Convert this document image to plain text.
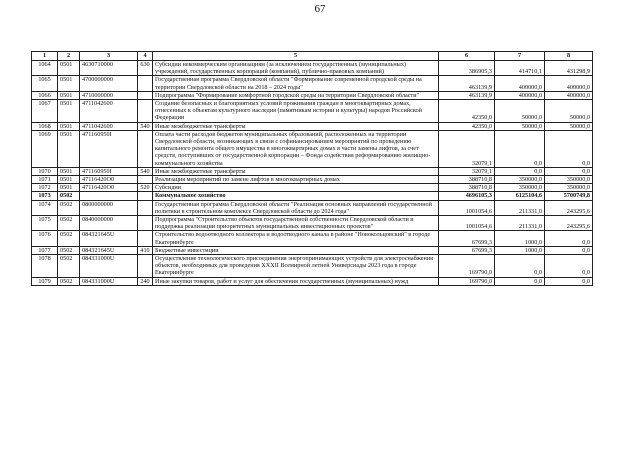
67
1	2	3	4	5	6	7	8
1064	0501	4630710000	630	Субсидии некоммерческим организациям (за исключением государственных (муниципальных) учреждений, государственных корпораций (компаний), публично-правовых компаний)	386905,3	414710,1	431298,9
1065	0501	4700000000		Государственная программа Свердловской области "Формирование современной городской среды на территории Свердловской области на 2018 – 2024 годы"	463139,9	400000,0	400000,0
1066	0501	4710000000		Подпрограмма "Формирование комфортной городской среды на территории Свердловской области"	463139,9	400000,0	400000,0
1067	0501	4711042600		Создание безопасных и благоприятных условий проживания граждан в многоквартирных домах, отнесенных к объектам культурного наследия (памятникам истории и культуры) народов Российской Федерации	42350,0	50000,0	50000,0
1068	0501	4711042600	540	Иные межбюджетные трансферты	42350,0	50000,0	50000,0
1069	0501	471160950I		Оплата части расходов бюджетов муниципальных образований, расположенных на территории Свердловской области, возникающих в связи с софинансированием мероприятий по проведению капитального ремонта общего имущества в многоквартирных домах в части замены лифтов, за счет средств, поступивших от государственной корпорации – Фонда содействия реформированию жилищно-коммунального хозяйства	32079,1	0,0	0,0
1070	0501	471160950I	540	Иные межбюджетные трансферты	32079,1	0,0	0,0
1071	0501	47116420O0		Реализация мероприятий по замене лифтов в многоквартирных домах	388710,8	350000,0	350000,0
1072	0501	47116420O0	520	Субсидии	388710,8	350000,0	350000,0
1073	0502			Коммунальное хозяйство	4696105,3	6125104,6	5700749,8
1074	0502	0800000000		Государственная программа Свердловской области "Реализация основных направлений государственной политики в строительном комплексе Свердловской области до 2024 года"	1001054,6	211331,0	243295,6
1075	0502	0840000000		Подпрограмма "Строительство объектов государственной собственности Свердловской области и поддержка реализации приоритетных муниципальных инвестиционных проектов"	1001054,6	211331,0	243295,6
1076	0502	084321645U		Строительство водоотводного коллектора и водоотводного канала в районе "Новокольцовский" в городе Екатеринбурге	67699,3	1000,0	0,0
1077	0502	084321645U	410	Бюджетные инвестиции	67699,3	1000,0	0,0
1078	0502	084331000U		Осуществление технологического присоединения энергопринимающих устройств для электроснабжения объектов, необходимых для проведения XXXII Всемирной летней Универсиады 2023 года в городе Екатеринбурге	169790,0	0,0	0,0
1079	0502	084331000U	240	Иные закупки товаров, работ и услуг для обеспечения государственных (муниципальных) нужд	169790,0	0,0	0,0
